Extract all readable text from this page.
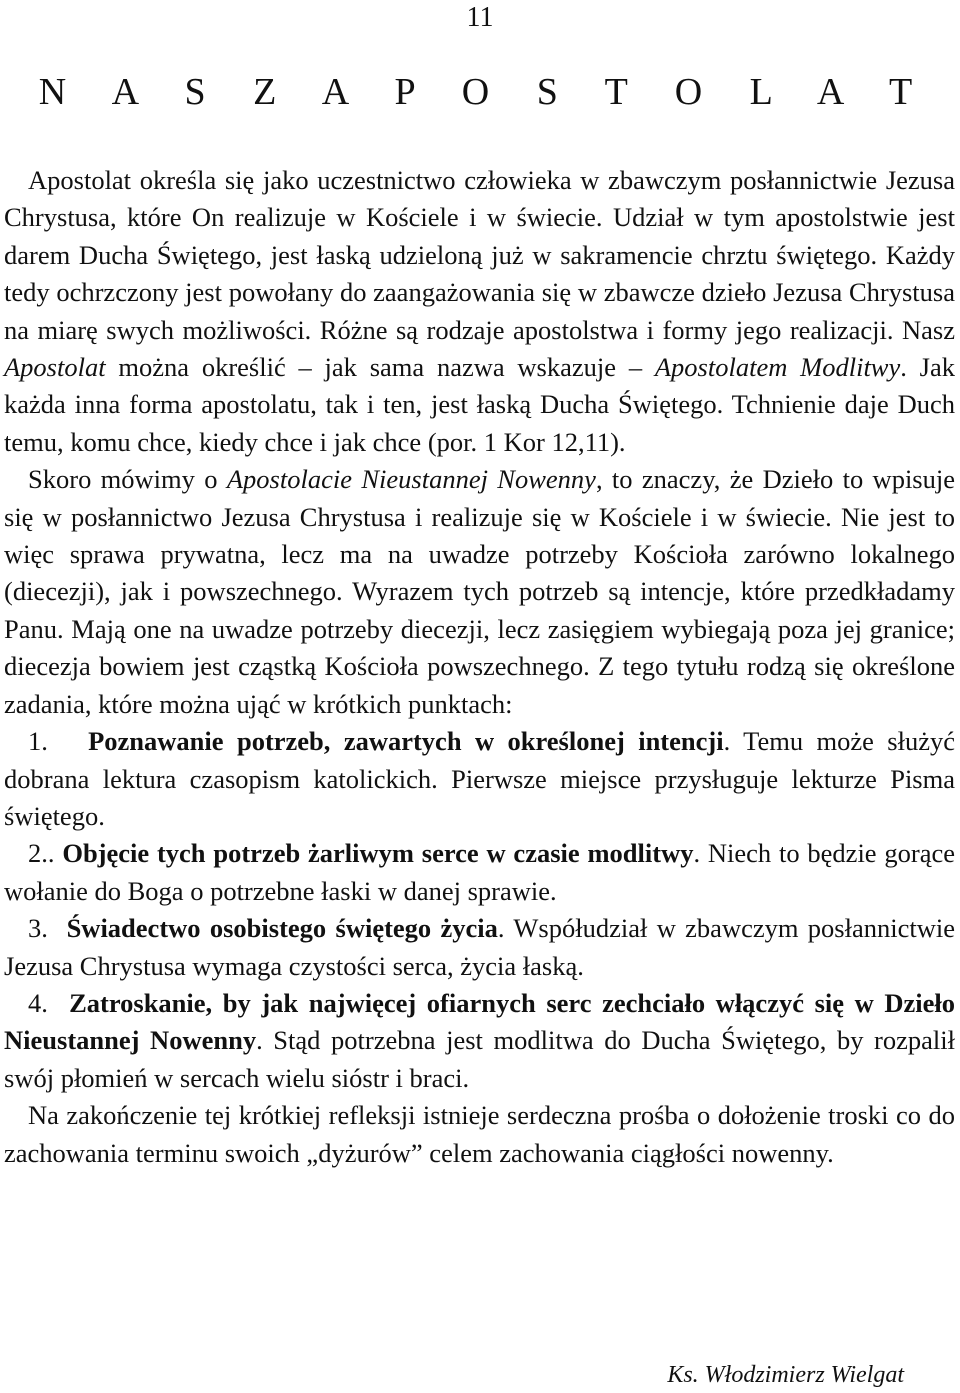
11
N A S Z A P O S T O L A T

Apostolat określa się jako uczestnictwo człowieka w zbawczym posłannictwie Jezusa Chrystusa, które On realizuje w Kościele i w świecie. Udział w tym apostolstwie jest darem Ducha Świętego, jest łaską udzieloną już w sakramencie chrztu świętego. Każdy tedy ochrzczony jest powołany do zaangażowania się w zbawcze dzieło Jezusa Chrystusa na miarę swych możliwości. Różne są rodzaje apostolstwa i formy jego realizacji. Nasz Apostolat można określić – jak sama nazwa wskazuje – Apostolatem Modlitwy. Jak każda inna forma apostolatu, tak i ten, jest łaską Ducha Świętego. Tchnienie daje Duch temu, komu chce, kiedy chce i jak chce (por. 1 Kor 12,11).

Skoro mówimy o Apostolacie Nieustannej Nowenny, to znaczy, że Dzieło to wpisuje się w posłannictwo Jezusa Chrystusa i realizuje się w Kościele i w świecie. Nie jest to więc sprawa prywatna, lecz ma na uwadze potrzeby Kościoła zarówno lokalnego (diecezji), jak i powszechnego. Wyrazem tych potrzeb są intencje, które przedkładamy Panu. Mają one na uwadze potrzeby diecezji, lecz zasięgiem wybiegają poza jej granice; diecezja bowiem jest cząstką Kościoła powszechnego. Z tego tytułu rodzą się określone zadania, które można ująć w krótkich punktach:

1. Poznawanie potrzeb, zawartych w określonej intencji. Temu może służyć dobrana lektura czasopism katolickich. Pierwsze miejsce przysługuje lekturze Pisma świętego.

2.. Objęcie tych potrzeb żarliwym serce w czasie modlitwy. Niech to będzie gorące wołanie do Boga o potrzebne łaski w danej sprawie.

3. Świadectwo osobistego świętego życia. Współudział w zbawczym posłannictwie Jezusa Chrystusa wymaga czystości serca, życia łaską.

4. Zatroskanie, by jak najwięcej ofiarnych serc zechciało włączyć się w Dzieło Nieustannej Nowenny. Stąd potrzebna jest modlitwa do Ducha Świętego, by rozpalił swój płomień w sercach wielu sióstr i braci.

Na zakończenie tej krótkiej refleksji istnieje serdeczna prośba o dołożenie troski co do zachowania terminu swoich „dyżurów” celem zachowania ciągłości nowenny.

Ks. Włodzimierz Wielgat
